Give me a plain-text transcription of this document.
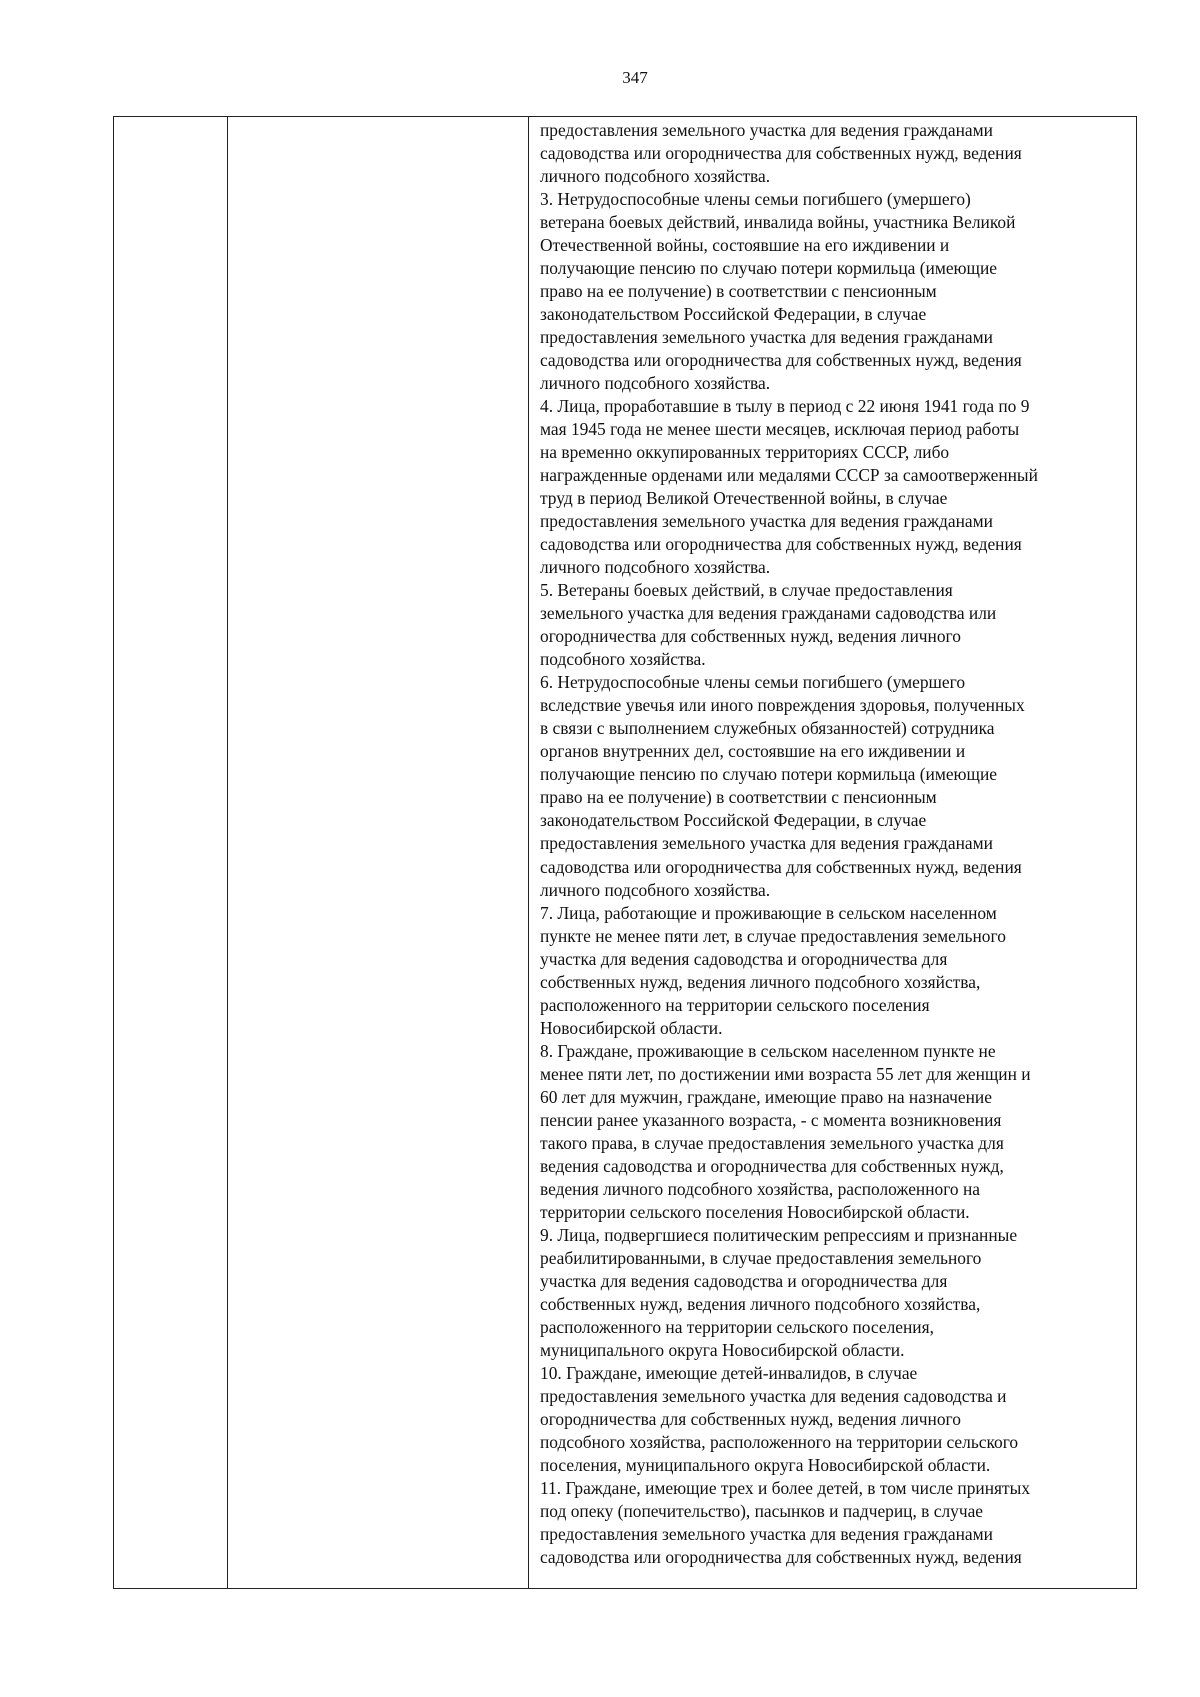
347
предоставления земельного участка для ведения гражданами
садоводства или огородничества для собственных нужд, ведения
личного подсобного хозяйства.
3. Нетрудоспособные члены семьи погибшего (умершего)
ветерана боевых действий, инвалида войны, участника Великой
Отечественной войны, состоявшие на его иждивении и
получающие пенсию по случаю потери кормильца (имеющие
право на ее получение) в соответствии с пенсионным
законодательством Российской Федерации, в случае
предоставления земельного участка для ведения гражданами
садоводства или огородничества для собственных нужд, ведения
личного подсобного хозяйства.
4. Лица, проработавшие в тылу в период с 22 июня 1941 года по 9
мая 1945 года не менее шести месяцев, исключая период работы
на временно оккупированных территориях СССР, либо
награжденные орденами или медалями СССР за самоотверженный
труд в период Великой Отечественной войны, в случае
предоставления земельного участка для ведения гражданами
садоводства или огородничества для собственных нужд, ведения
личного подсобного хозяйства.
5. Ветераны боевых действий, в случае предоставления
земельного участка для ведения гражданами садоводства или
огородничества для собственных нужд, ведения личного
подсобного хозяйства.
6. Нетрудоспособные члены семьи погибшего (умершего
вследствие увечья или иного повреждения здоровья, полученных
в связи с выполнением служебных обязанностей) сотрудника
органов внутренних дел, состоявшие на его иждивении и
получающие пенсию по случаю потери кормильца (имеющие
право на ее получение) в соответствии с пенсионным
законодательством Российской Федерации, в случае
предоставления земельного участка для ведения гражданами
садоводства или огородничества для собственных нужд, ведения
личного подсобного хозяйства.
7. Лица, работающие и проживающие в сельском населенном
пункте не менее пяти лет, в случае предоставления земельного
участка для ведения садоводства и огородничества для
собственных нужд, ведения личного подсобного хозяйства,
расположенного на территории сельского поселения
Новосибирской области.
8. Граждане, проживающие в сельском населенном пункте не
менее пяти лет, по достижении ими возраста 55 лет для женщин и
60 лет для мужчин, граждане, имеющие право на назначение
пенсии ранее указанного возраста, - с момента возникновения
такого права, в случае предоставления земельного участка для
ведения садоводства и огородничества для собственных нужд,
ведения личного подсобного хозяйства, расположенного на
территории сельского поселения Новосибирской области.
9. Лица, подвергшиеся политическим репрессиям и признанные
реабилитированными, в случае предоставления земельного
участка для ведения садоводства и огородничества для
собственных нужд, ведения личного подсобного хозяйства,
расположенного на территории сельского поселения,
муниципального округа Новосибирской области.
10. Граждане, имеющие детей-инвалидов, в случае
предоставления земельного участка для ведения садоводства и
огородничества для собственных нужд, ведения личного
подсобного хозяйства, расположенного на территории сельского
поселения, муниципального округа Новосибирской области.
11. Граждане, имеющие трех и более детей, в том числе принятых
под опеку (попечительство), пасынков и падчериц, в случае
предоставления земельного участка для ведения гражданами
садоводства или огородничества для собственных нужд, ведения
